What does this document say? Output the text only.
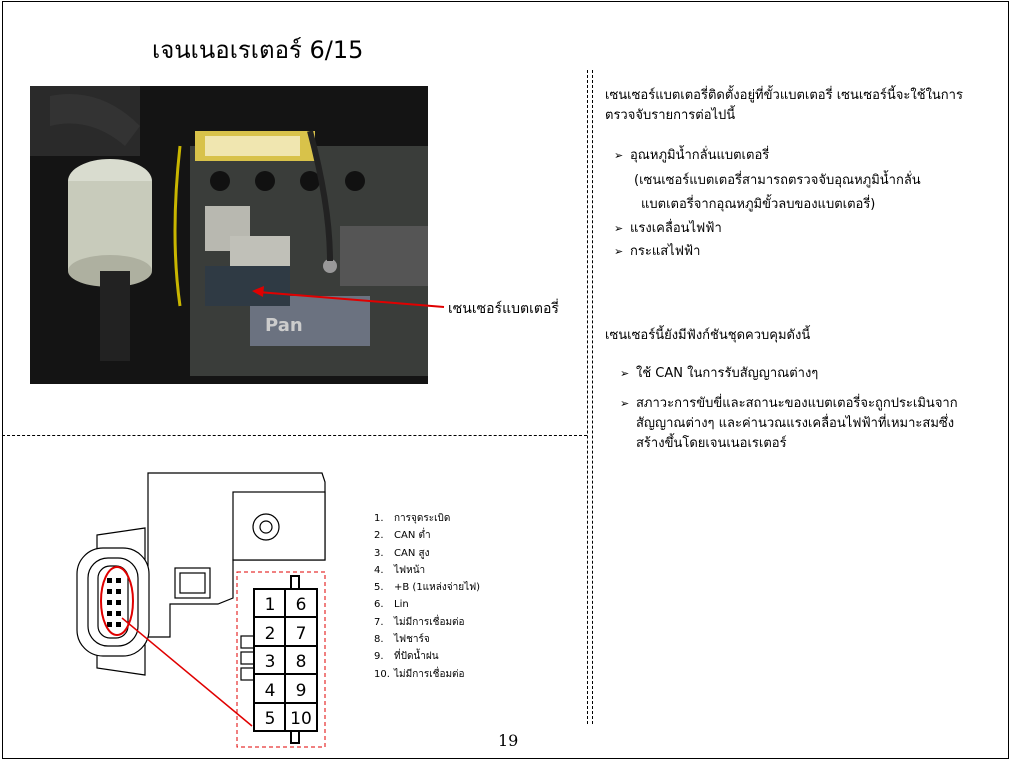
เจนเนอเรเตอร์ 6/15
Pan
เซนเซอร์แบตเตอรี่
เซนเซอร์แบตเตอรี่ติดตั้งอยู่ที่ขั้วแบตเตอรี่ เซนเซอร์นี้จะใช้ในการตรวจจับรายการต่อไปนี้
➢ อุณหภูมิน้ำกลั่นแบตเตอรี่
(เซนเซอร์แบตเตอรี่สามารถตรวจจับอุณหภูมิน้ำกลั่น
แบตเตอรี่จากอุณหภูมิขั้วลบของแบตเตอรี่)
➢ แรงเคลื่อนไฟฟ้า
➢ กระแสไฟฟ้า
เซนเซอร์นี้ยังมีฟังก์ชันชุดควบคุมดังนี้
➢ ใช้ CAN ในการรับสัญญาณต่างๆ
➢ สภาวะการขับขี่และสถานะของแบตเตอรี่จะถูกประเมินจากสัญญาณต่างๆ และค่านวณแรงเคลื่อนไฟฟ้าที่เหมาะสมซึ่งสร้างขึ้นโดยเจนเนอเรเตอร์
1 6
2 7
3 8
4 9
5 10
1. การจุดระเบิด
2. CAN ต่ำ
3. CAN สูง
4. ไฟหน้า
5. +B (1แหล่งจ่ายไฟ)
6. Lin
7. ไม่มีการเชื่อมต่อ
8. ไฟชาร์จ
9. ที่ปัดน้ำฝน
10. ไม่มีการเชื่อมต่อ
19
